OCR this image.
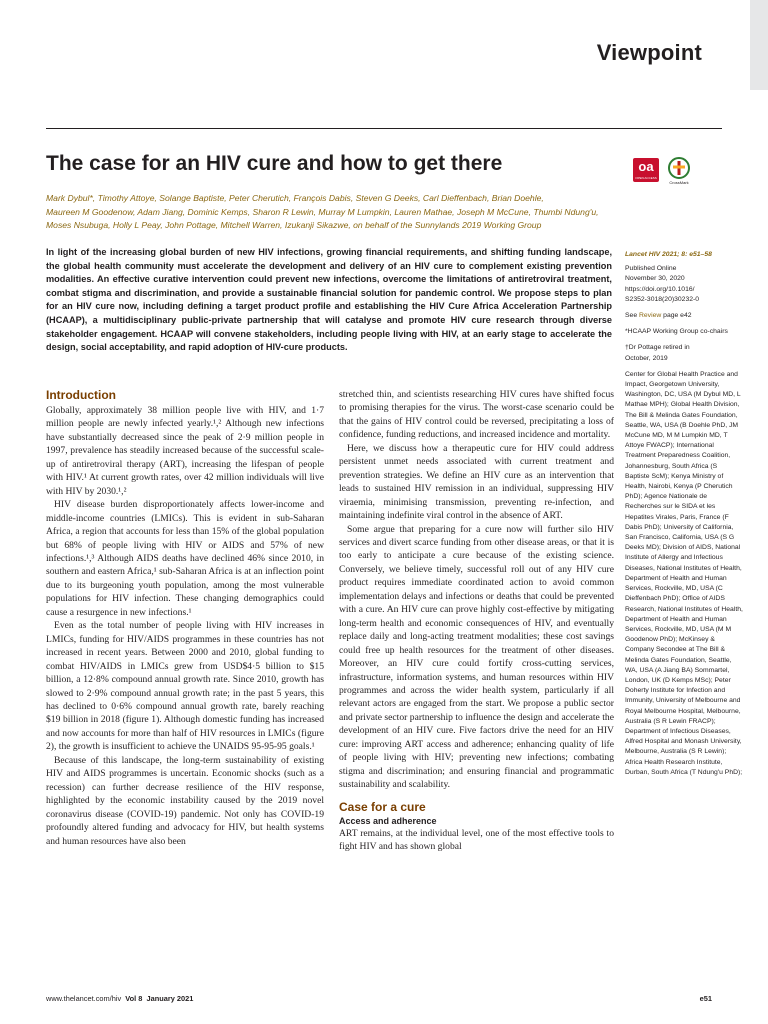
Viewpoint
The case for an HIV cure and how to get there	oa
OPEN ACCESS
CrossMark
Mark Dybul*, Timothy Attoye, Solange Baptiste, Peter Cherutich, François Dabis, Steven G Deeks, Carl Dieffenbach, Brian Doehle,
Maureen M Goodenow, Adam Jiang, Dominic Kemps, Sharon R Lewin, Murray M Lumpkin, Lauren Mathae, Joseph M McCune, Thumbi Ndung'u,
Moses Nsubuga, Holly L Peay, John Pottage, Mitchell Warren, Izukanji Sikazwe, on behalf of the Sunnylands 2019 Working Group

In light of the increasing global burden of new HIV infections, growing financial requirements, and shifting funding landscape, the global health community must accelerate the development and delivery of an HIV cure to complement existing prevention modalities. An effective curative intervention could prevent new infections, overcome the limitations of antiretroviral treatment, combat stigma and discrimination, and provide a sustainable financial solution for pandemic control. We propose steps to plan for an HIV cure now, including defining a target product profile and establishing the HIV Cure Africa Acceleration Partnership (HCAAP), a multidisciplinary public-private partnership that will catalyse and promote HIV cure research through diverse stakeholder engagement. HCAAP will convene stakeholders, including people living with HIV, at an early stage to accelerate the design, social acceptability, and rapid adoption of HIV-cure products.

Introduction

Globally, approximately 38 million people live with HIV, and 1·7 million people are newly infected yearly.¹,² Although new infections have substantially decreased since the peak of 2·9 million people in 1997, prevalence has steadily increased because of the successful scale-up of antiretroviral therapy (ART), increasing the lifespan of people with HIV.¹ At current growth rates, over 42 million individuals will live with HIV by 2030.¹,²

HIV disease burden disproportionately affects lower-income and middle-income countries (LMICs). This is evident in sub-Saharan Africa, a region that accounts for less than 15% of the global population but 68% of people living with HIV or AIDS and 57% of new infections.¹,³ Although AIDS deaths have declined 46% since 2010, in southern and eastern Africa,¹ sub-Saharan Africa is at an inflection point due to its burgeoning youth population, among the most vulnerable populations for HIV infection. These changing demographics could cause a resurgence in new infections.¹

Even as the total number of people living with HIV increases in LMICs, funding for HIV/AIDS programmes in these countries has not increased in recent years. Between 2000 and 2010, global funding to combat HIV/AIDS in LMICs grew from USD$4·5 billion to $15 billion, a 12·8% compound annual growth rate. Since 2010, growth has slowed to 2·9% compound annual growth rate; in the past 5 years, this has declined to 0·6% compound annual growth rate, barely reaching $19 billion in 2018 (figure 1). Although domestic funding has increased and now accounts for more than half of HIV resources in LMICs (figure 2), the growth is insufficient to achieve the UNAIDS 95-95-95 goals.¹

Because of this landscape, the long-term sustainability of existing HIV and AIDS programmes is uncertain. Economic shocks (such as a recession) can further decrease resilience of the HIV response, highlighted by the economic instability caused by the 2019 novel coronavirus disease (COVID-19) pandemic. Not only has COVID-19 profoundly altered funding and advocacy for HIV, but health systems and human resources have also been

stretched thin, and scientists researching HIV cures have shifted focus to promising therapies for the virus. The worst-case scenario could be that the gains of HIV control could be reversed, precipitating a loss of confidence, funding reductions, and increased incidence and mortality.

Here, we discuss how a therapeutic cure for HIV could address persistent unmet needs associated with current treatment and prevention strategies. We define an HIV cure as an intervention that leads to sustained HIV remission in an individual, suppressing HIV viraemia, minimising transmission, preventing re-infection, and maintaining indefinite viral control in the absence of ART.

Some argue that preparing for a cure now will further silo HIV services and divert scarce funding from other disease areas, or that it is too early to anticipate a cure because of the existing science. Conversely, we believe timely, successful roll out of any HIV cure product requires immediate coordinated action to avoid common implementation delays and infections or deaths that could be prevented with a cure. An HIV cure can prove highly cost-effective by mitigating long-term health and economic consequences of HIV, and eventually replace daily and long-acting treatment modalities; these cost savings could free up health resources for the treatment of other diseases. Moreover, an HIV cure could fortify cross-cutting services, infrastructure, information systems, and human resources within HIV programmes and across the wider health system, particularly if all relevant actors are engaged from the start. We propose a public sector and private sector partnership to influence the design and accelerate the development of an HIV cure. Five factors drive the need for an HIV cure: improving ART access and adherence; enhancing quality of life of people living with HIV; preventing new infections; combating stigma and discrimination; and ensuring financial and programmatic sustainability and scalability.

Case for a cure
Access and adherence

ART remains, at the individual level, one of the most effective tools to fight HIV and has shown global

Lancet HIV 2021; 8: e51–58
Published Online
November 30, 2020
https://doi.org/10.1016/
S2352-3018(20)30232-0
See Review page e42
*HCAAP Working Group co-chairs
†Dr Pottage retired in
October, 2019
Center for Global Health Practice and Impact, Georgetown University, Washington, DC, USA (M Dybul MD, L Mathae MPH); Global Health Division, The Bill & Melinda Gates Foundation, Seattle, WA, USA (B Doehle PhD, JM McCune MD, M M Lumpkin MD, T Attoye FWACP); International Treatment Preparedness Coalition, Johannesburg, South Africa (S Baptiste ScM); Kenya Ministry of Health, Nairobi, Kenya (P Cherutich PhD); Agence Nationale de Recherches sur le SIDA et les Hepatites Virales, Paris, France (F Dabis PhD); University of California, San Francisco, California, USA (S G Deeks MD); Division of AIDS, National Institute of Allergy and Infectious Diseases, National Institutes of Health, Department of Health and Human Services, Rockville, MD, USA (C Dieffenbach PhD); Office of AIDS Research, National Institutes of Health, Department of Health and Human Services, Rockville, MD, USA (M M Goodenow PhD); McKinsey & Company Secondee at The Bill & Melinda Gates Foundation, Seattle, WA, USA (A Jiang BA) Sommartel, London, UK (D Kemps MSc); Peter Doherty Institute for Infection and Immunity, University of Melbourne and Royal Melbourne Hospital, Melbourne, Australia (S R Lewin FRACP); Department of Infectious Diseases, Alfred Hospital and Monash University, Melbourne, Australia (S R Lewin); Africa Health Research Institute, Durban, South Africa (T Ndung'u PhD);
www.thelancet.com/hiv Vol 8 January 2021	e51
